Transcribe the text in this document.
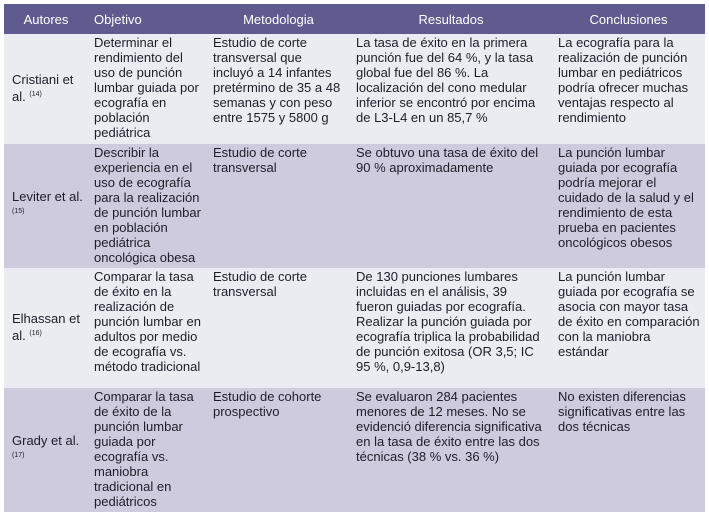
Autores	Objetivo	Metodologia	Resultados	Conclusiones
Cristiani et al. $^{(14)}$	Determinar el rendimiento del uso de punción lumbar guiada por ecografía en población pediátrica	Estudio de corte transversal que incluyó a 14 infantes pretérmino de 35 a 48 semanas y con peso entre 1575 y 5800 g	La tasa de éxito en la primera punción fue del 64 %, y la tasa global fue del 86 %. La localización del cono medular inferior se encontró por encima de L3-L4 en un 85,7 %	La ecografía para la realización de punción lumbar en pediátricos podría ofrecer muchas ventajas respecto al rendimiento
Leviter et al. $^{(15)}$	Describir la experiencia en el uso de ecografía para la realización de punción lumbar en población pediátrica oncológica obesa	Estudio de corte transversal	Se obtuvo una tasa de éxito del 90 % aproximadamente	La punción lumbar guiada por ecografía podría mejorar el cuidado de la salud y el rendimiento de esta prueba en pacientes oncológicos obesos
Elhassan et al. $^{(16)}$	Comparar la tasa de éxito en la realización de punción lumbar en adultos por medio de ecografía vs. método tradicional	Estudio de corte transversal	De 130 punciones lumbares incluidas en el análisis, 39 fueron guiadas por ecografía. Realizar la punción guiada por ecografía triplica la probabilidad de punción exitosa (OR 3,5; IC 95 %, 0,9-13,8)	La punción lumbar guiada por ecografía se asocia con mayor tasa de éxito en comparación con la maniobra estándar
Grady et al. $^{(17)}$	Comparar la tasa de éxito de la punción lumbar guiada por ecografía vs. maniobra tradicional en pediátricos	Estudio de cohorte prospectivo	Se evaluaron 284 pacientes menores de 12 meses. No se evidenció diferencia significativa en la tasa de éxito entre las dos técnicas (38 % vs. 36 %)	No existen diferencias significativas entre las dos técnicas
